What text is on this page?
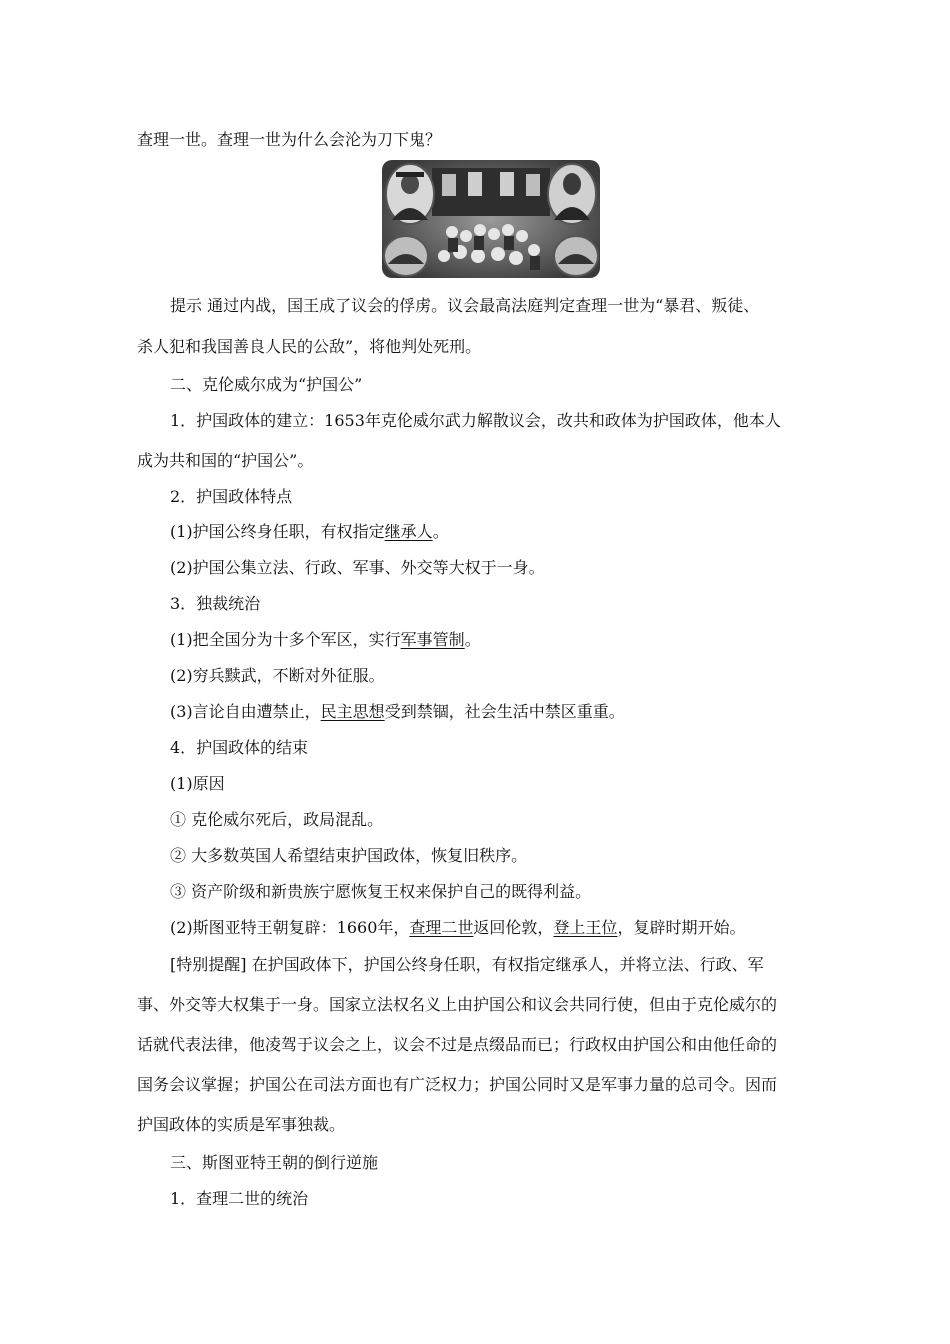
查理一世。查理一世为什么会沦为刀下鬼？
提示 通过内战，国王成了议会的俘虏。议会最高法庭判定查理一世为“暴君、叛徒、
杀人犯和我国善良人民的公敌”，将他判处死刑。
二、克伦威尔成为“护国公”
1．护国政体的建立：1653年克伦威尔武力解散议会，改共和政体为护国政体，他本人
成为共和国的“护国公”。
2．护国政体特点
(1)护国公终身任职，有权指定继承人。
(2)护国公集立法、行政、军事、外交等大权于一身。
3．独裁统治
(1)把全国分为十多个军区，实行军事管制。
(2)穷兵黩武，不断对外征服。
(3)言论自由遭禁止，民主思想受到禁锢，社会生活中禁区重重。
4．护国政体的结束
(1)原因
① 克伦威尔死后，政局混乱。
② 大多数英国人希望结束护国政体，恢复旧秩序。
③ 资产阶级和新贵族宁愿恢复王权来保护自己的既得利益。
(2)斯图亚特王朝复辟：1660年，查理二世返回伦敦，登上王位，复辟时期开始。
[特别提醒] 在护国政体下，护国公终身任职，有权指定继承人，并将立法、行政、军
事、外交等大权集于一身。国家立法权名义上由护国公和议会共同行使，但由于克伦威尔的
话就代表法律，他凌驾于议会之上，议会不过是点缀品而已；行政权由护国公和由他任命的
国务会议掌握；护国公在司法方面也有广泛权力；护国公同时又是军事力量的总司令。因而
护国政体的实质是军事独裁。
三、斯图亚特王朝的倒行逆施
1．查理二世的统治
